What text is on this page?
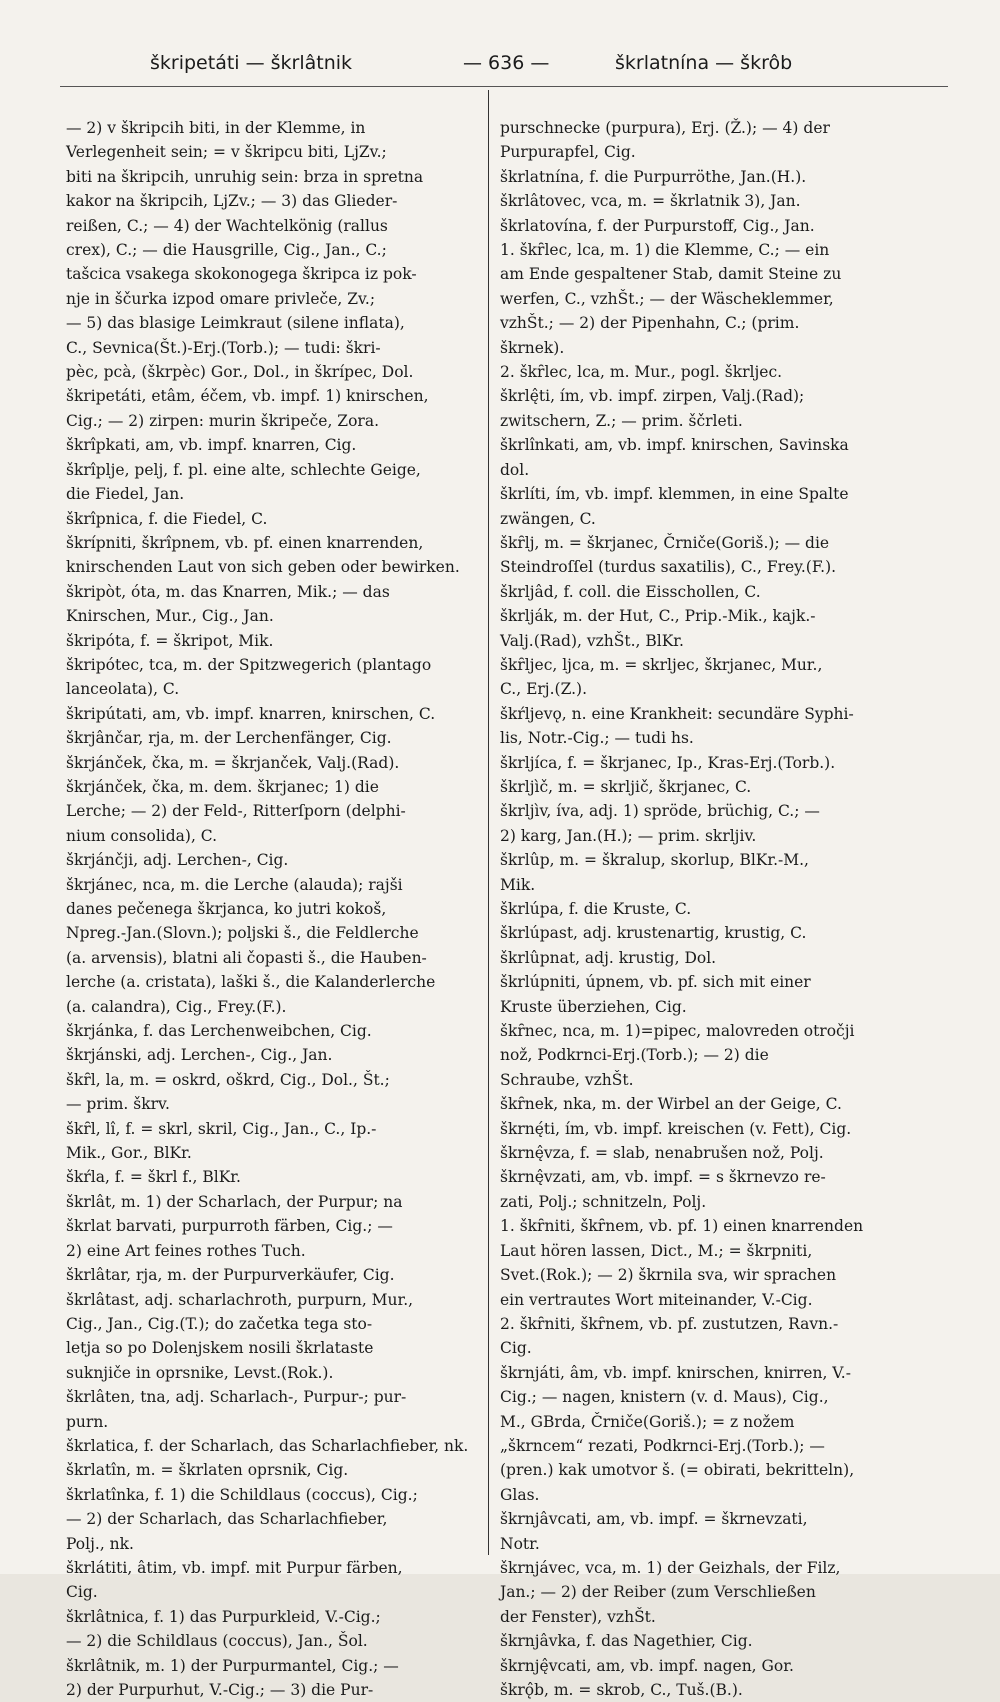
škripetáti — škrlâtnik	— 636 —	škrlatnína — škrôb
— 2) v škripcih biti, in der Klemme, in
Verlegenheit sein; = v škripcu biti, LjZv.;
biti na škripcih, unruhig sein: brza in spretna
kakor na škripcih, LjZv.; — 3) das Glieder-
reißen, C.; — 4) der Wachtelkönig (rallus
crex), C.; — die Hausgrille, Cig., Jan., C.;
tašcica vsakega skokonogega škripca iz pok-
nje in ščurka izpod omare privleče, Zv.;
— 5) das blasige Leimkraut (silene inflata),
C., Sevnica(Št.)-Erj.(Torb.); — tudi: škri-
pèc, pcà, (škrpèc) Gor., Dol., in škrípec, Dol.
škripetáti, etâm, éčem, vb. impf. 1) knirschen,
Cig.; — 2) zirpen: murin škripeče, Zora.
škrîpkati, am, vb. impf. knarren, Cig.
škrîplje, pelj, f. pl. eine alte, schlechte Geige,
die Fiedel, Jan.
škrîpnica, f. die Fiedel, C.
škrípniti, škrîpnem, vb. pf. einen knarrenden,
knirschenden Laut von sich geben oder bewirken.
škripòt, óta, m. das Knarren, Mik.; — das
Knirschen, Mur., Cig., Jan.
škripóta, f. = škripot, Mik.
škripótec, tca, m. der Spitzwegerich (plantago
lanceolata), C.
škripútati, am, vb. impf. knarren, knirschen, C.
škrjânčar, rja, m. der Lerchenfänger, Cig.
škrjánček, čka, m. = škrjanček, Valj.(Rad).
škrjánček, čka, m. dem. škrjanec; 1) die
Lerche; — 2) der Feld-, Ritterſporn (delphi-
nium consolida), C.
škrjánčji, adj. Lerchen-, Cig.
škrjánec, nca, m. die Lerche (alauda); rajši
danes pečenega škrjanca, ko jutri kokoš,
Npreg.-Jan.(Slovn.); poljski š., die Feldlerche
(a. arvensis), blatni ali čopasti š., die Hauben-
lerche (a. cristata), laški š., die Kalanderlerche
(a. calandra), Cig., Frey.(F.).
škrjánka, f. das Lerchenweibchen, Cig.
škrjánski, adj. Lerchen-, Cig., Jan.
škȓl, la, m. = oskrd, oškrd, Cig., Dol., Št.;
— prim. škrv.
škȓl, lî, f. = skrl, skril, Cig., Jan., C., Ip.-
Mik., Gor., BlKr.
škŕla, f. = škrl f., BlKr.
škrlât, m. 1) der Scharlach, der Purpur; na
škrlat barvati, purpurroth färben, Cig.; —
2) eine Art feines rothes Tuch.
škrlâtar, rja, m. der Purpurverkäufer, Cig.
škrlâtast, adj. scharlachroth, purpurn, Mur.,
Cig., Jan., Cig.(T.); do začetka tega sto-
letja so po Dolenjskem nosili škrlataste
suknjiče in oprsnike, Levst.(Rok.).
škrlâten, tna, adj. Scharlach-, Purpur-; pur-
purn.
škrlatica, f. der Scharlach, das Scharlachfieber, nk.
škrlatîn, m. = škrlaten oprsnik, Cig.
škrlatînka, f. 1) die Schildlaus (coccus), Cig.;
— 2) der Scharlach, das Scharlachfieber,
Polj., nk.
škrlátiti, âtim, vb. impf. mit Purpur färben,
Cig.
škrlâtnica, f. 1) das Purpurkleid, V.-Cig.;
— 2) die Schildlaus (coccus), Jan., Šol.
škrlâtnik, m. 1) der Purpurmantel, Cig.; —
2) der Purpurhut, V.-Cig.; — 3) die Pur-
purschnecke (purpura), Erj. (Ž.); — 4) der
Purpurapfel, Cig.
škrlatnína, f. die Purpurröthe, Jan.(H.).
škrlâtovec, vca, m. = škrlatnik 3), Jan.
škrlatovína, f. der Purpurstoff, Cig., Jan.
1. škȓlec, lca, m. 1) die Klemme, C.; — ein
am Ende gespaltener Stab, damit Steine zu
werfen, C., vzhŠt.; — der Wäscheklemmer,
vzhŠt.; — 2) der Pipenhahn, C.; (prim.
škrnek).
2. škȓlec, lca, m. Mur., pogl. škrljec.
škrlę̂ti, ím, vb. impf. zirpen, Valj.(Rad);
zwitschern, Z.; — prim. ščrleti.
škrlînkati, am, vb. impf. knirschen, Savinska
dol.
škrlíti, ím, vb. impf. klemmen, in eine Spalte
zwängen, C.
škȓlj, m. = škrjanec, Črniče(Goriš.); — die
Steindroſſel (turdus saxatilis), C., Frey.(F.).
škrljâd, f. coll. die Eisschollen, C.
škrlják, m. der Hut, C., Prip.-Mik., kajk.-
Valj.(Rad), vzhŠt., BlKr.
škȓljec, ljca, m. = skrljec, škrjanec, Mur.,
C., Erj.(Z.).
škŕljevǫ, n. eine Krankheit: secundäre Syphi-
lis, Notr.-Cig.; — tudi hs.
škrljíca, f. = škrjanec, Ip., Kras-Erj.(Torb.).
škrljìč, m. = skrljič, škrjanec, C.
škrljìv, íva, adj. 1) spröde, brüchig, C.; —
2) karg, Jan.(H.); — prim. skrljiv.
škrlûp, m. = škralup, skorlup, BlKr.-M.,
Mik.
škrlúpa, f. die Kruste, C.
škrlúpast, adj. krustenartig, krustig, C.
škrlûpnat, adj. krustig, Dol.
škrlúpniti, úpnem, vb. pf. sich mit einer
Kruste überziehen, Cig.
škȓnec, nca, m. 1)=pipec, malovreden otročji
nož, Podkrnci-Erj.(Torb.); — 2) die
Schraube, vzhŠt.
škȓnek, nka, m. der Wirbel an der Geige, C.
škrnę́ti, ím, vb. impf. kreischen (v. Fett), Cig.
škrnę̂vza, f. = slab, nenabrušen nož, Polj.
škrnę̂vzati, am, vb. impf. = s škrnevzo re-
zati, Polj.; schnitzeln, Polj.
1. škȓniti, škȓnem, vb. pf. 1) einen knarrenden
Laut hören lassen, Dict., M.; = škrpniti,
Svet.(Rok.); — 2) škrnila sva, wir sprachen
ein vertrautes Wort miteinander, V.-Cig.
2. škȓniti, škȓnem, vb. pf. zustutzen, Ravn.-
Cig.
škrnjáti, âm, vb. impf. knirschen, knirren, V.-
Cig.; — nagen, knistern (v. d. Maus), Cig.,
M., GBrda, Črniče(Goriš.); = z nožem
„škrncem“ rezati, Podkrnci-Erj.(Torb.); —
(pren.) kak umotvor š. (= obirati, bekritteln),
Glas.
škrnjâvcati, am, vb. impf. = škrnevzati,
Notr.
škrnjávec, vca, m. 1) der Geizhals, der Filz,
Jan.; — 2) der Reiber (zum Verschließen
der Fenster), vzhŠt.
škrnjâvka, f. das Nagethier, Cig.
škrnję̂vcati, am, vb. impf. nagen, Gor.
škrǫ̂b, m. = skrob, C., Tuš.(B.).
